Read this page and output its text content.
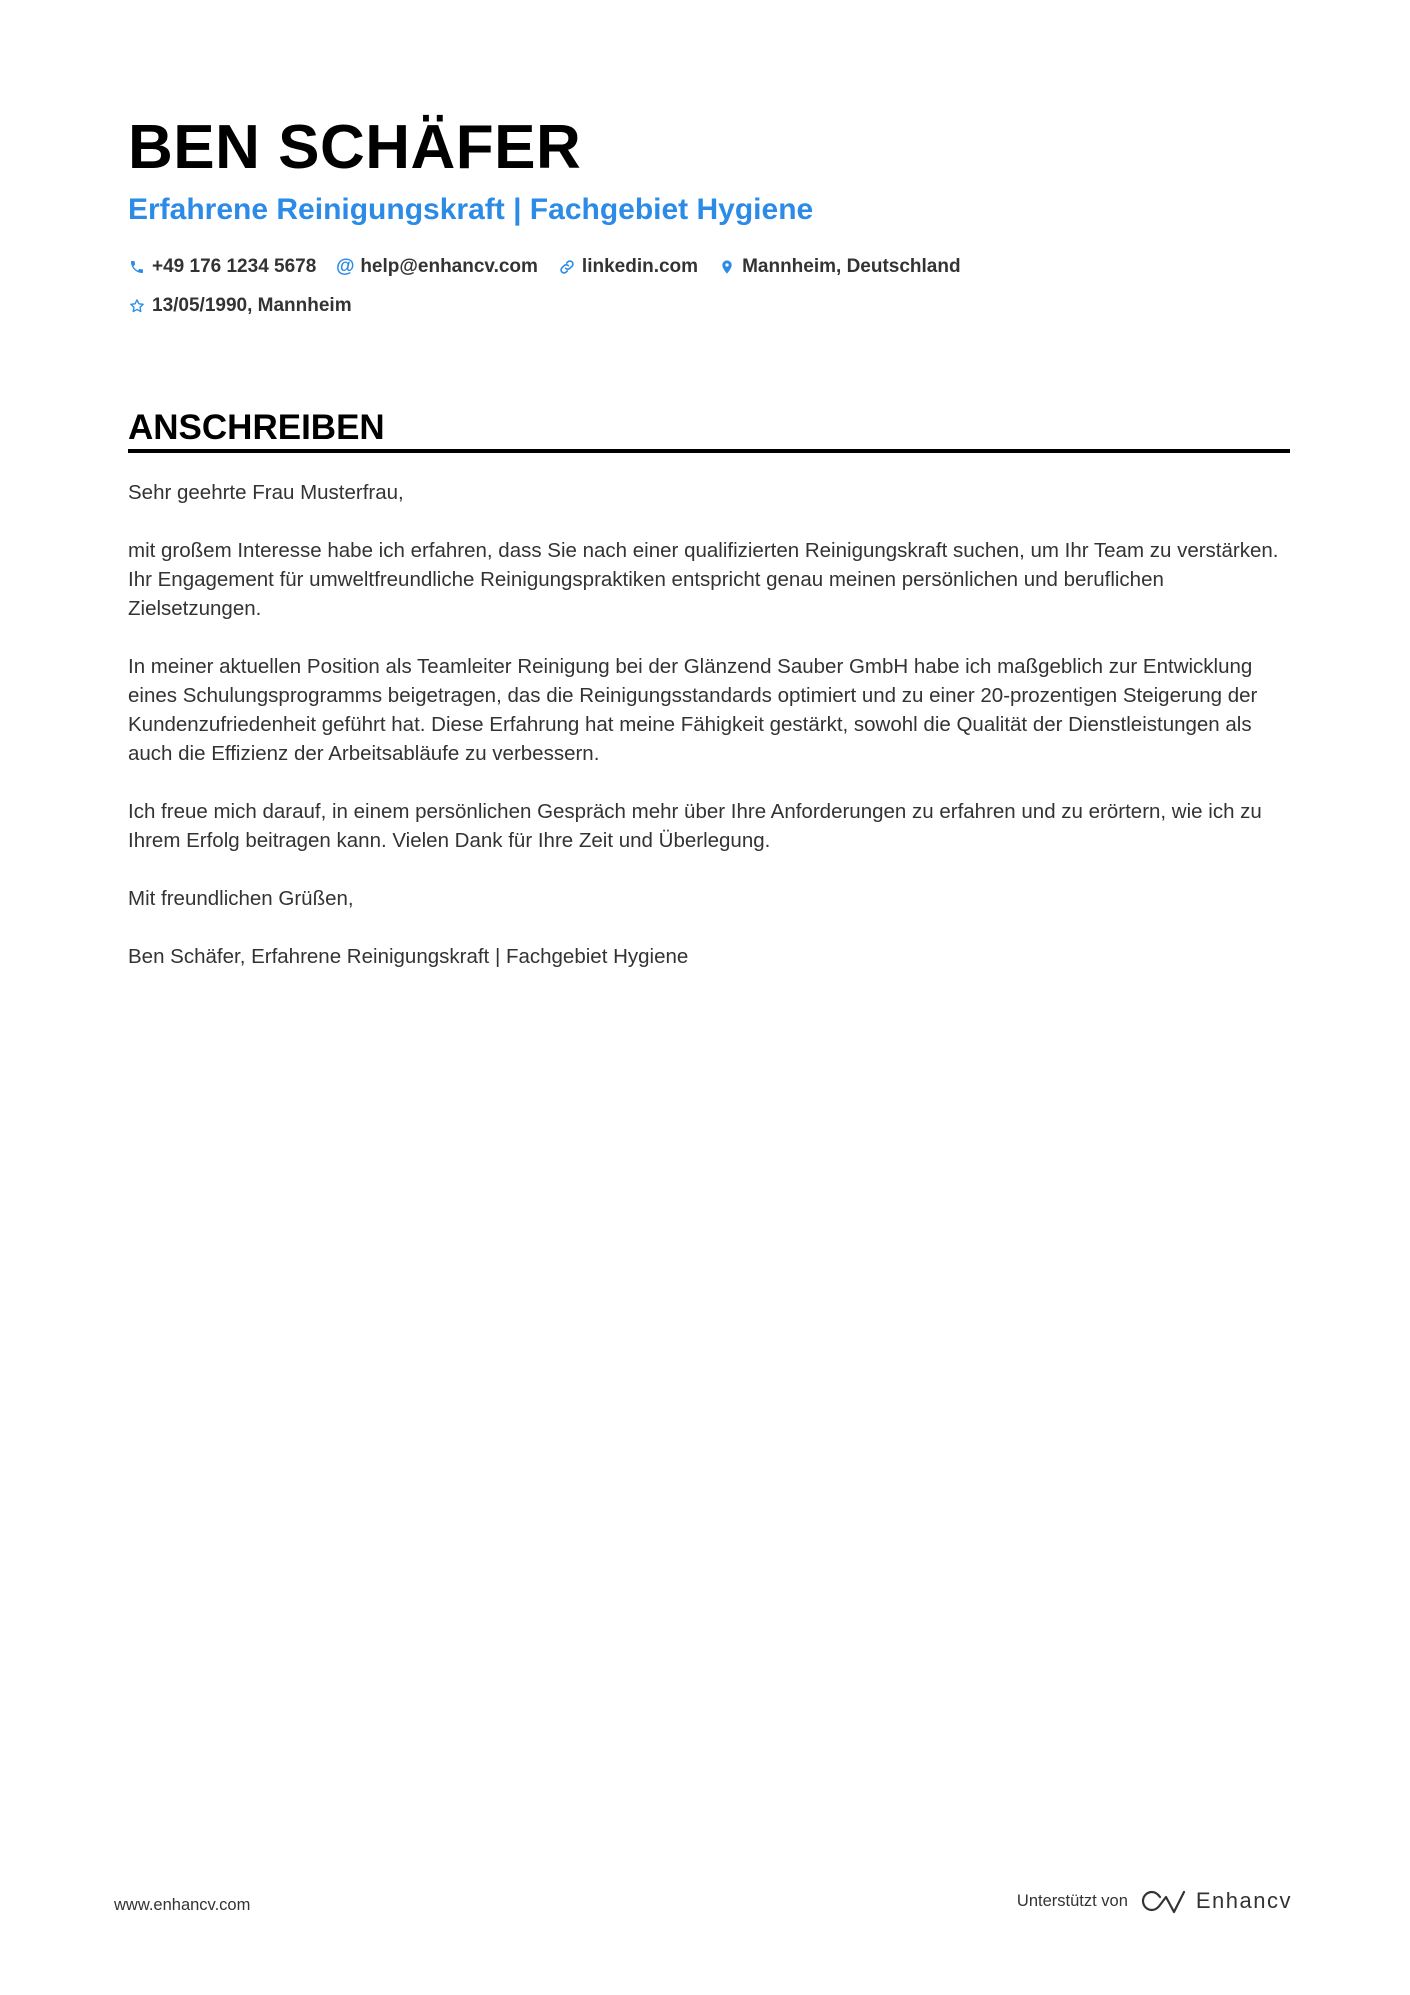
BEN SCHÄFER
Erfahrene Reinigungskraft | Fachgebiet Hygiene
+49 176 1234 5678 @ help@enhancv.com linkedin.com Mannheim, Deutschland
13/05/1990, Mannheim
ANSCHREIBEN

Sehr geehrte Frau Musterfrau,

mit großem Interesse habe ich erfahren, dass Sie nach einer qualifizierten Reinigungskraft suchen, um Ihr Team zu verstärken. Ihr Engagement für umweltfreundliche Reinigungspraktiken entspricht genau meinen persönlichen und beruflichen Zielsetzungen.

In meiner aktuellen Position als Teamleiter Reinigung bei der Glänzend Sauber GmbH habe ich maßgeblich zur Entwicklung eines Schulungsprogramms beigetragen, das die Reinigungsstandards optimiert und zu einer 20-prozentigen Steigerung der Kundenzufriedenheit geführt hat. Diese Erfahrung hat meine Fähigkeit gestärkt, sowohl die Qualität der Dienstleistungen als auch die Effizienz der Arbeitsabläufe zu verbessern.

Ich freue mich darauf, in einem persönlichen Gespräch mehr über Ihre Anforderungen zu erfahren und zu erörtern, wie ich zu Ihrem Erfolg beitragen kann. Vielen Dank für Ihre Zeit und Überlegung.

Mit freundlichen Grüßen,

Ben Schäfer, Erfahrene Reinigungskraft | Fachgebiet Hygiene

www.enhancv.com	Unterstützt von	Enhancv
